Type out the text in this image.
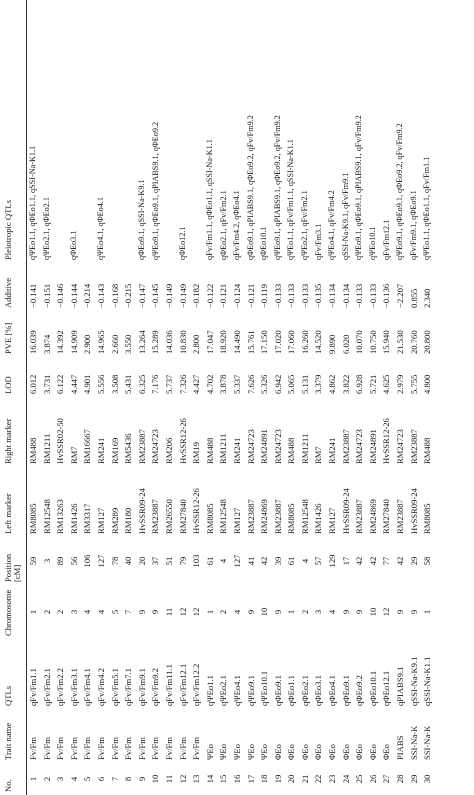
No.	Trait name	QTLs	Chromosome	Position [cM]	Left marker	Right marker	LOD	PVE [%]	Additive	Pleiotropic QTLs
1	Fv/Fm	qFv/Fm1.1	1	59	RM8085	RM488	6.012	16.039	−0.141	qΨEo1.1, qΦEo1.1, qSSI-Na-K1.1
2	Fv/Fm	qFv/Fm2.1	2	3	RM12548	RM1211	3.731	3.874	−0.151	qΨEo2.1, qΦEo2.1
3	Fv/Fm	qFv/Fm2.2	2	89	RM13263	HvSSR02-50	6.122	14.392	−0.146	
4	Fv/Fm	qFv/Fm3.1	3	56	RM1426	RM7	4.447	14.909	−0.144	qΦEo3.1
5	Fv/Fm	qFv/Fm4.1	4	106	RM3317	RM16667	4.901	2.900	−0.214	
6	Fv/Fm	qFv/Fm4.2	4	127	RM127	RM241	5.556	14.965	−0.143	qΨEo4.1, qΦEo4.1
7	Fv/Fm	qFv/Fm5.1	5	78	RM289	RM169	3.508	2.660	−0.168	
8	Fv/Fm	qFv/Fm7.1	7	40	RM180	RM5436	5.431	3.550	−0.215	
9	Fv/Fm	qFv/Fm9.1	9	20	HvSSR09-24	RM23887	6.325	13.264	−0.147	qΦEo9.1, qSSI-Na-K9.1
10	Fv/Fm	qFv/Fm9.2	9	37	RM23887	RM24723	7.176	15.289	−0.145	qΨEo9.1, qΦEo9.1, qPIABS9.1, qΦEo9.2
11	Fv/Fm	qFv/Fm11.1	11	51	RM26550	RM206	5.737	14.036	−0.149	
12	Fv/Fm	qFv/Fm12.1	12	79	RM27840	HvSSR12-26	7.326	10.830	−0.149	qΦEo12.1
13	Fv/Fm	qFv/Fm12.2	12	103	HvSSR12-26	RM19	4.427	2.800	−0.182	
14	ΨEo	qΨEo1.1	1	61	RM8085	RM488	4.702	17.047	−0.122	qFv/Fm1.1, qΦEo1.1, qSSI-Na-K1.1
15	ΨEo	qΨEo2.1	2	4	RM12548	RM1211	3.878	18.920	−0.121	qΦEo2.1, qFv/Fm2.1
16	ΨEo	qΨEo4.1	4	127	RM127	RM241	5.337	14.490	−0.124	qFv/Fm4.2, qΦEo4.1
17	ΨEo	qΨEo9.1	9	41	RM23887	RM24723	7.626	15.761	−0.121	qΦEo9.1, qPIABS9.1, qΦEo9.2, qFv/Fm9.2
18	ΨEo	qΨEo10.1	10	42	RM24869	RM24891	5.326	17.150	−0.119	qΦEo10.1
19	ΦEo	qΦEo9.1	9	39	RM23887	RM24723	6.942	17.020	−0.133	qΨEo9.1, qPIABS9.1, qΦEo9.2, qFv/Fm9.2
20	ΦEo	qΦEo1.1	1	61	RM8085	RM488	5.065	17.060	−0.133	qΨEo1.1, qFv/Fm1.1, qSSI-Na-K1.1
21	ΦEo	qΦEo2.1	2	4	RM12548	RM1211	5.131	16.260	−0.133	qΨEo2.1, qFv/Fm2.1
22	ΦEo	qΦEo3.1	3	57	RM1426	RM7	3.379	14.520	−0.135	qFv/Fm3.1
23	ΦEo	qΦEo4.1	4	129	RM127	RM241	4.862	9.890	−0.134	qΨEo4.1, qFv/Fm4.2
24	ΦEo	qΦEo9.1	9	17	HvSSR09-24	RM23887	3.822	6.020	−0.134	qSSI-Na-K9.1, qFv/Fm9.1
25	ΦEo	qΦEo9.2	9	42	RM23887	RM24723	6.928	10.070	−0.133	qΨEo9.1, qΦEo9.1, qPIABS9.1, qFv/Fm9.2
26	ΦEo	qΦEo10.1	10	42	RM24869	RM24891	5.721	10.750	−0.133	qΨEo10.1
27	ΦEo	qΦEo12.1	12	77	RM27840	HvSSR12-26	4.625	15.940	−0.136	qFv/Fm12.1
28	PIABS	qPIABS9.1	9	42	RM23887	RM24723	2.979	21.530	−2.207	qΨEo9.1, qΦEo9.1, qΦEo9.2, qFv/Fm9.2
29	SSI-Na-K	qSSI-Na-K9.1	9	29	HvSSR09-24	RM23887	5.755	20.760	0.855	qFv/Fm9.1, qΦEo9.1
30	SSI-Na-K	qSSI-Na-K1.1	1	58	RM8085	RM488	4.800	20.800	2.340	qΨEo1.1, qΦEo1.1, qFv/Fm1.1
